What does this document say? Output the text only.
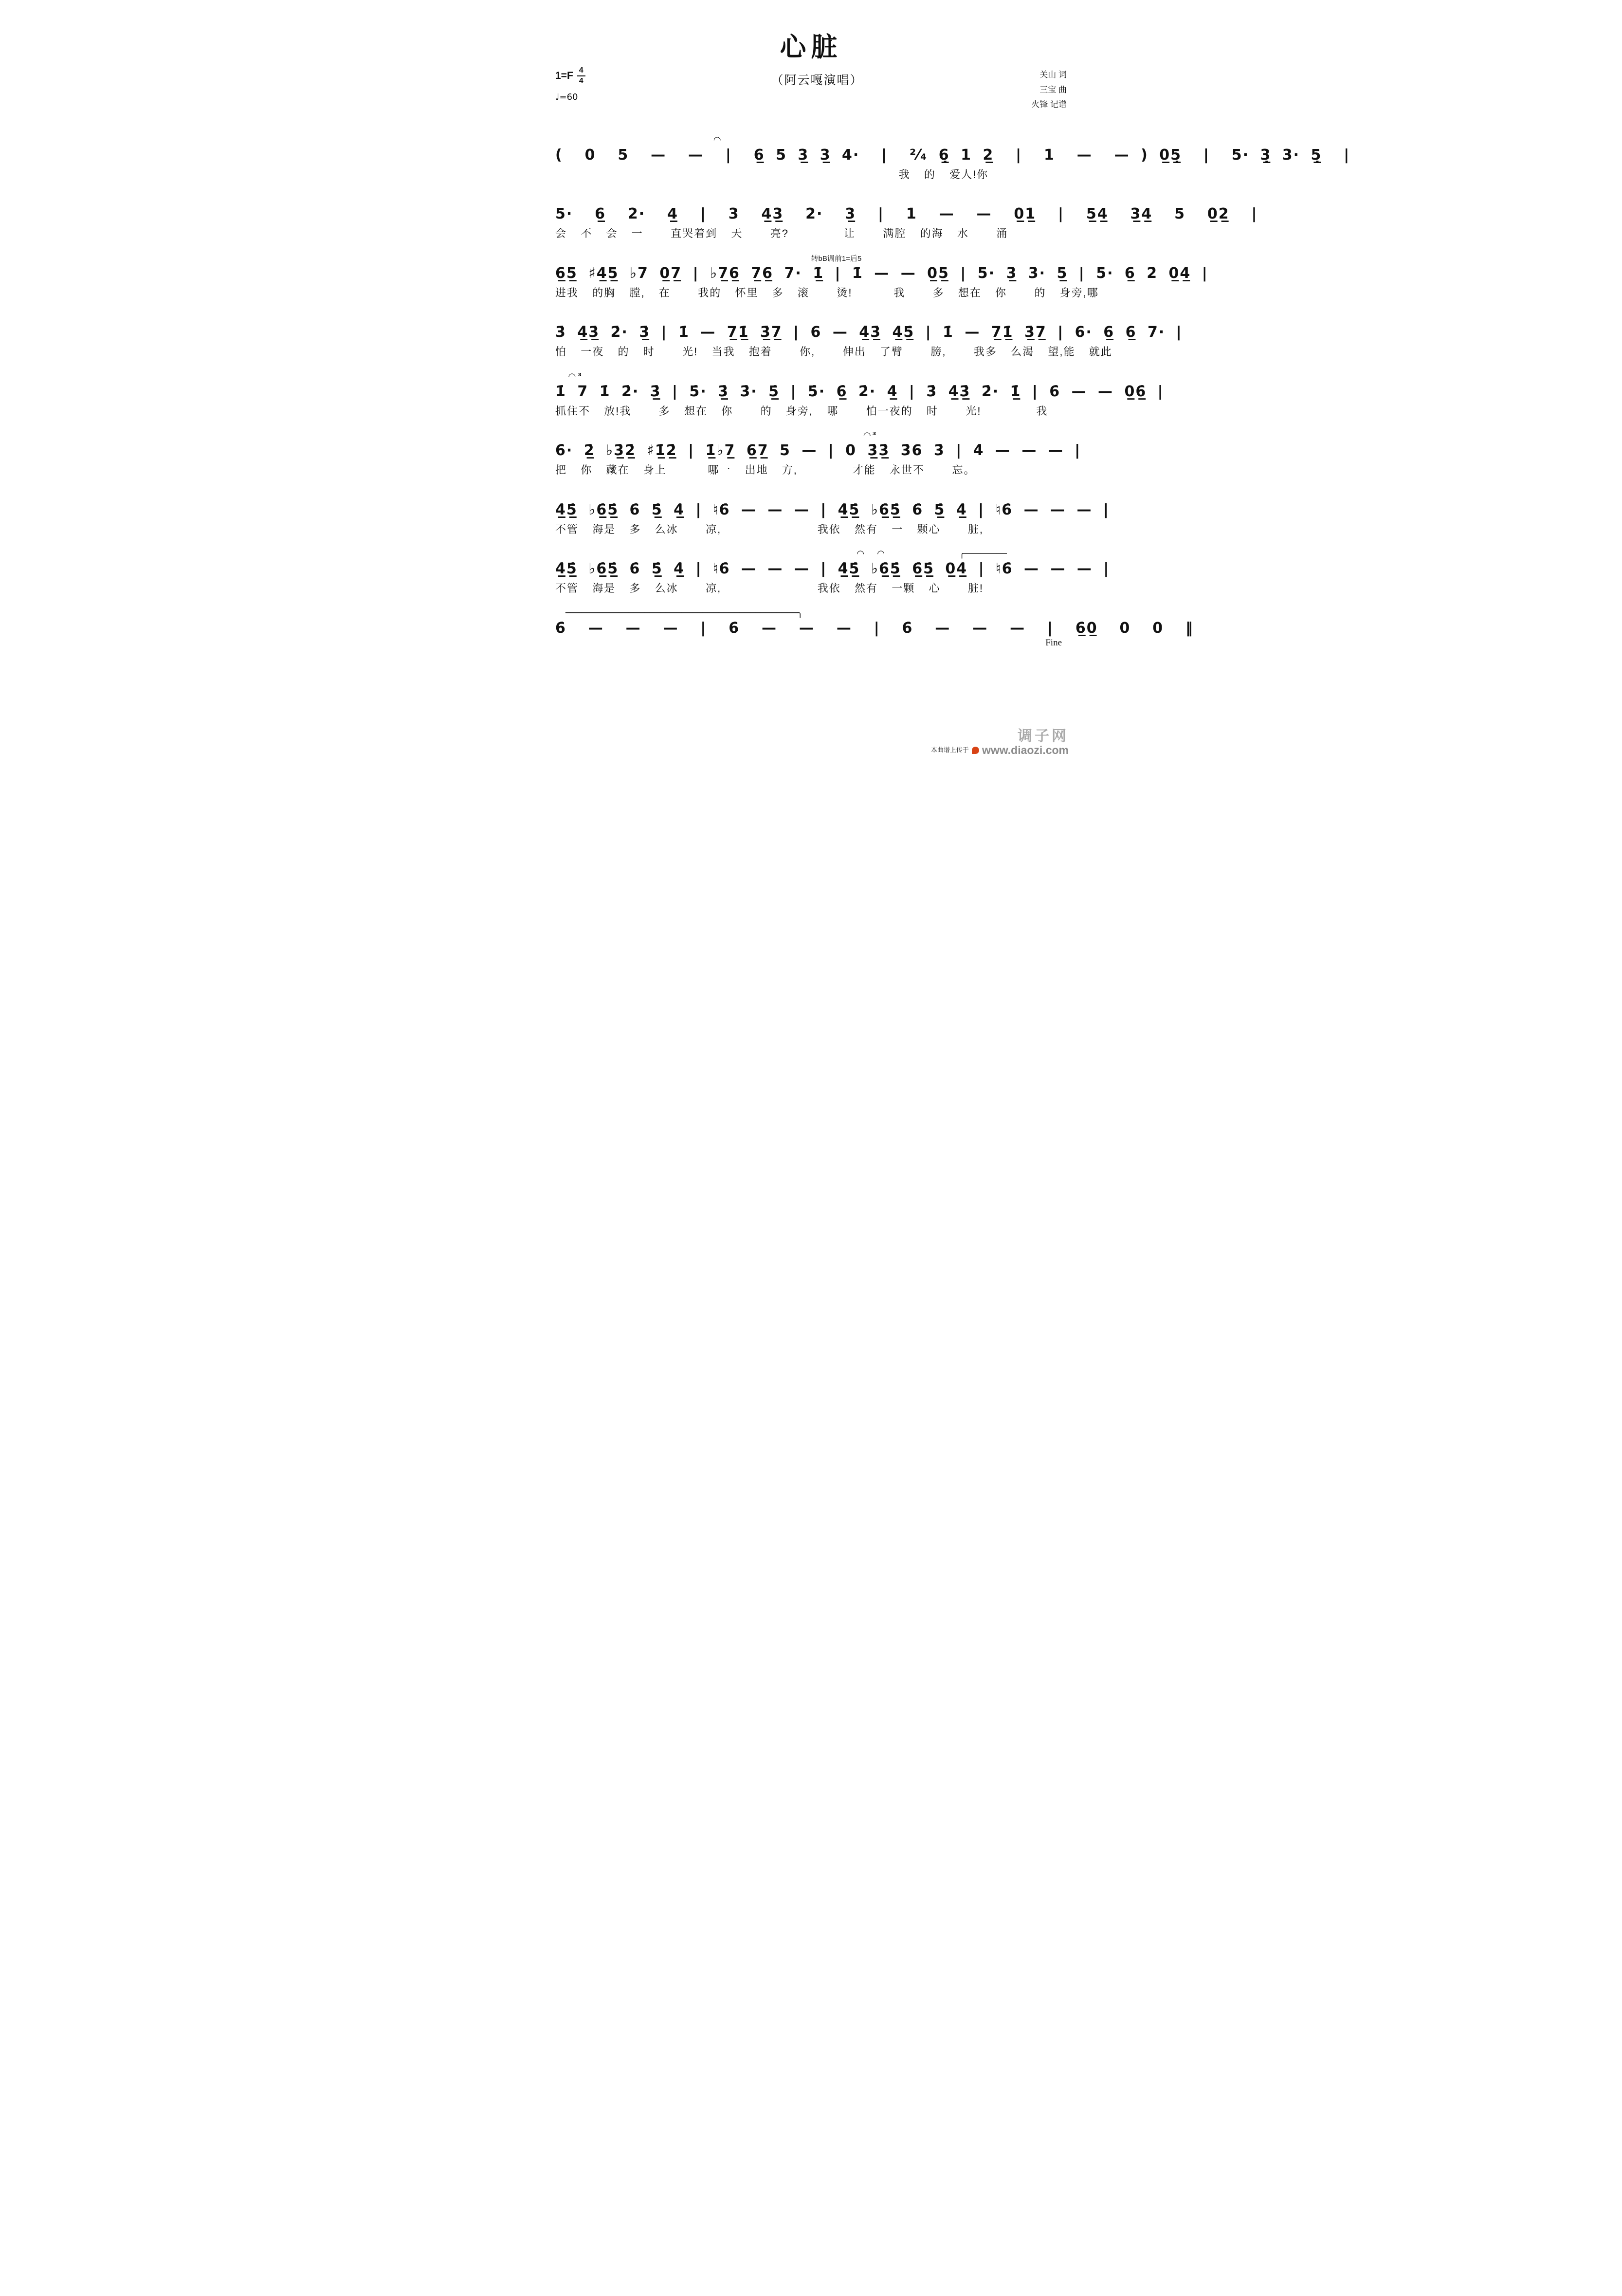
心脏
$1=F \frac{4}{4}$
♩=60
（阿云嘎演唱）	关山 词
三宝 曲
火锋 记谱
◠
(  0  5  —  —  |  6̲ 5 3̲ 3̲ 4·  |  ²⁄₄ 6̲̣ 1 2̲  |  1  —  — ) 0̲5̲̣  |  5· 3̲̣ 3· 5̲̣  |
我  的  爱人!你
5·  6̲  2·  4̲  |  3  4̲3̲  2·  3̲  |  1  —  —  0̲1̲  |  5̲4̲  3̲4̲  5  0̲2̲  |
会  不  会  一    直哭着到  天    亮?        让    满腔  的海  水    涌
转bB调前1=后5
6̲5̲ ♯4̲5̲ ♭7 0̲7̲ | ♭7̲6̲ 7̲6̲ 7· 1̲̇ | 1̇ — — 0̲5̲ | 5̇· 3̲̇ 3̇· 5̲̇ | 5̇· 6̲̇ 2̇ 0̲4̲̇ |
进我  的胸  膛,  在    我的  怀里  多  滚    烫!      我    多  想在  你    的  身旁,哪
3̇ 4̲̇3̲̇ 2̇· 3̲̇ | 1̇ — 7̲1̲̇ 3̲̇7̲ | 6 — 4̲̇3̲̇ 4̲̇5̲̇ | 1̇ — 7̲1̲̇ 3̲̇7̲ | 6· 6̲ 6̲ 7· |
怕  一夜  的  时    光!  当我  抱着    你,    伸出  了臂    膀,    我多  么渴  望,能  就此
³
◠
1̇ 7 1̇ 2̇· 3̲̇ | 5̇· 3̲̇ 3̇· 5̲̇ | 5̇· 6̲̇ 2̇· 4̲̇ | 3̇ 4̲̇3̲̇ 2̇· 1̲̇ | 6̇ — — 0̲6̲̇ |
抓住不  放!我    多  想在  你    的  身旁,  哪    怕一夜的  时    光!        我
³
◠
6̇· 2̲̇ ♭3̲̇2̲̇ ♯1̲̇2̲̇ | 1̲̇♭7̲ 6̲7̲ 5 — | 0 3̲̇3̲̇ 3̇6 3̇ | 4̇ — — — |
把  你  藏在  身上      哪一  出地  方,        才能  永世不    忘。
4̲̇5̲̇ ♭6̲̇5̲̇ 6̇ 5̲̇ 4̲̇ | ♮6̇ — — — | 4̲̇5̲̇ ♭6̲̇5̲̇ 6̇ 5̲̇ 4̲̇ | ♮6̇ — — — |
不管  海是  多  么冰    凉,              我依  然有  一  颗心    脏,
◠ ◠	╭────────
4̲̇5̲̇ ♭6̲̇5̲̇ 6̇ 5̲̇ 4̲̇ | ♮6̇ — — — | 4̲̇5̲̇ ♭6̲̇5̲̇ 6̲̇5̲̇ 0̲4̲̇ | ♮6̇ — — — |
不管  海是  多  么冰    凉,              我依  然有  一颗  心    脏!
────────────────────────────────────────────╮
6̇  —  —  —  |  6̇  —  —  —  |  6̇  —  —  —  |  6̲̇0̲  0  0  ‖
Fine
本曲谱上传于
调子网
www.diaozi.com
